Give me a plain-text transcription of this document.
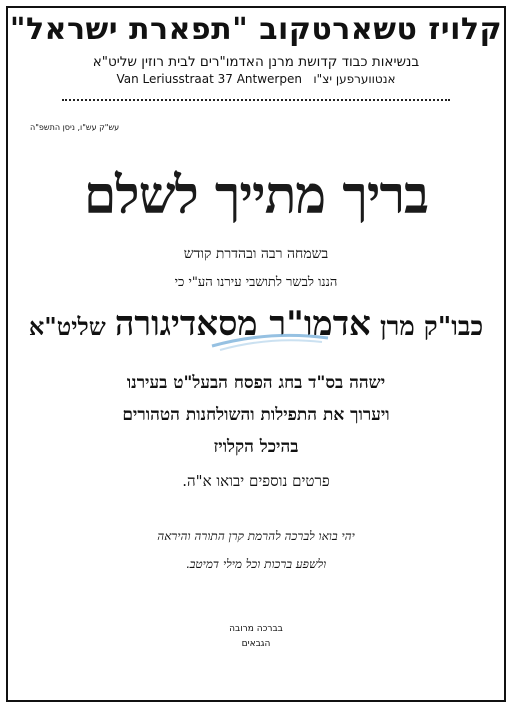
קלויז טשארטקוב "תפארת ישראל"
בנשיאות כבוד קדושת מרנן האדמו"רים לבית רוזין שליט"א
אנטווערפען יצ"ו   Van Leriusstraat 37 Antwerpen
עש"ק עש"ו, ניסן התשפ"ה
בריך מתייך לשלם
בשמחה רבה ובהדרת קודש
הננו לבשר לתושבי עירנו הע"י כי
כבו"ק מרן אדמו"ר מסאדיגורה שליט"א
ישהה בס"ד בחג הפסח הבעל"ט בעירנו
ויערוך את התפילות והשולחנות הטהורים
בהיכל הקלויז
פרטים נוספים יבואו א"ה.
יהי בואו לברכה להרמת קרן התורה והיראה
ולשפע ברכות וכל מילי דמיטב.
בברכה מרובה
הגבאים
